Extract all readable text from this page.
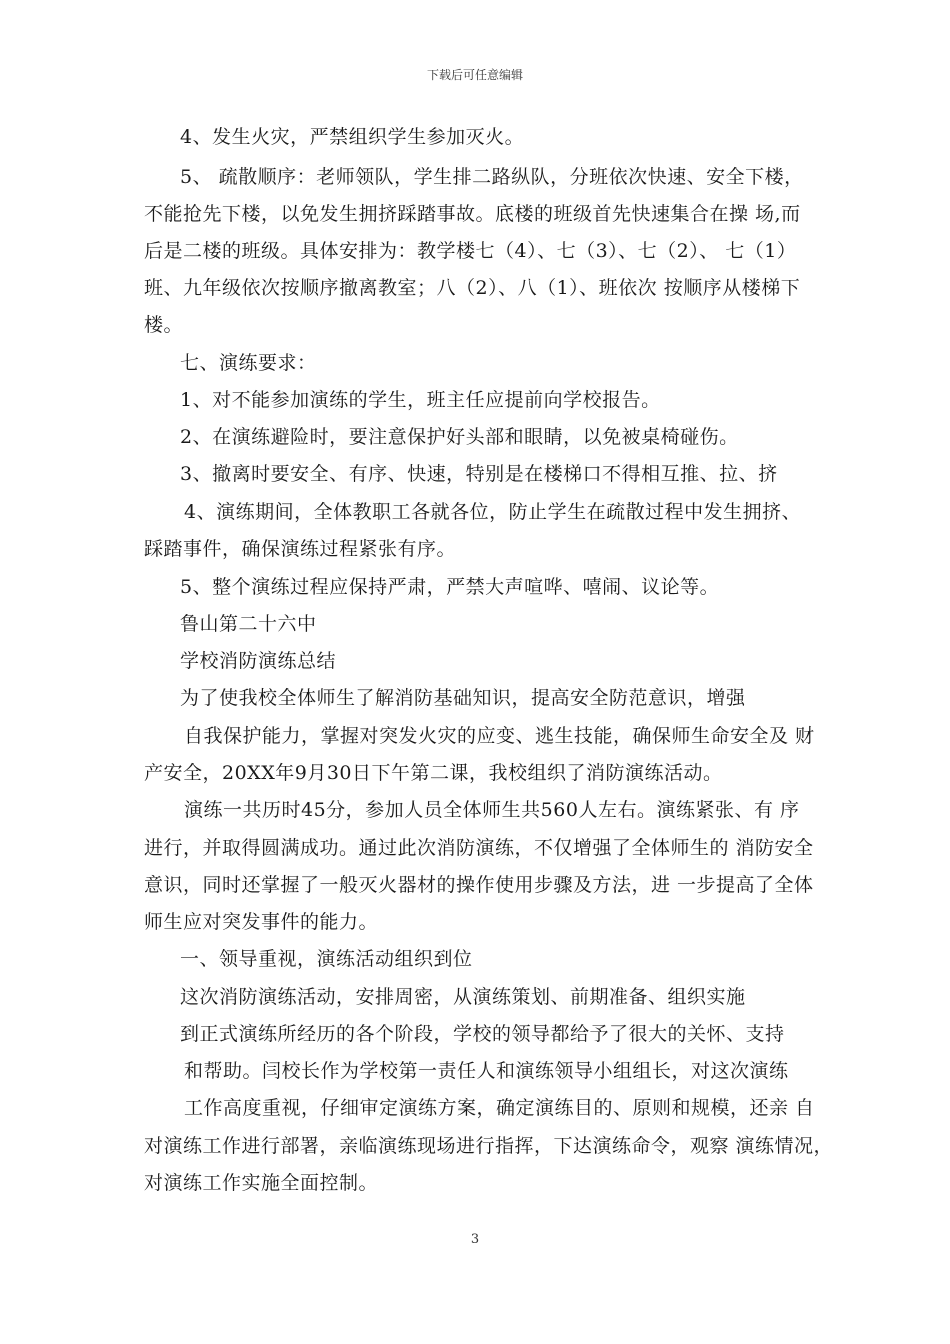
下载后可任意编辑
4、发生火灾，严禁组织学生参加灭火。
5、 疏散顺序：老师领队，学生排二路纵队，分班依次快速、安全下楼，
不能抢先下楼，以免发生拥挤踩踏事故。底楼的班级首先快速集合在操 场,而
后是二楼的班级。具体安排为：教学楼七（4）、七（3）、七（2）、 七（1）
班、九年级依次按顺序撤离教室；八（2）、八（1）、班依次 按顺序从楼梯下
楼。
七、演练要求：
1、对不能参加演练的学生，班主任应提前向学校报告。
2、在演练避险时，要注意保护好头部和眼睛，以免被桌椅碰伤。
3、撤离时要安全、有序、快速，特别是在楼梯口不得相互推、拉、挤
4、演练期间，全体教职工各就各位，防止学生在疏散过程中发生拥挤、
踩踏事件，确保演练过程紧张有序。
5、整个演练过程应保持严肃，严禁大声喧哗、嘻闹、议论等。
鲁山第二十六中
学校消防演练总结
为了使我校全体师生了解消防基础知识，提高安全防范意识，增强
自我保护能力，掌握对突发火灾的应变、逃生技能，确保师生命安全及 财
产安全，20XX年9月30日下午第二课，我校组织了消防演练活动。
演练一共历时45分，参加人员全体师生共560人左右。演练紧张、有 序
进行，并取得圆满成功。通过此次消防演练，不仅增强了全体师生的 消防安全
意识，同时还掌握了一般灭火器材的操作使用步骤及方法，进 一步提高了全体
师生应对突发事件的能力。
一、领导重视，演练活动组织到位
这次消防演练活动，安排周密，从演练策划、前期准备、组织实施
到正式演练所经历的各个阶段，学校的领导都给予了很大的关怀、支持
和帮助。闫校长作为学校第一责任人和演练领导小组组长，对这次演练
工作高度重视，仔细审定演练方案，确定演练目的、原则和规模，还亲 自
对演练工作进行部署，亲临演练现场进行指挥，下达演练命令，观察 演练情况，
对演练工作实施全面控制。
3
